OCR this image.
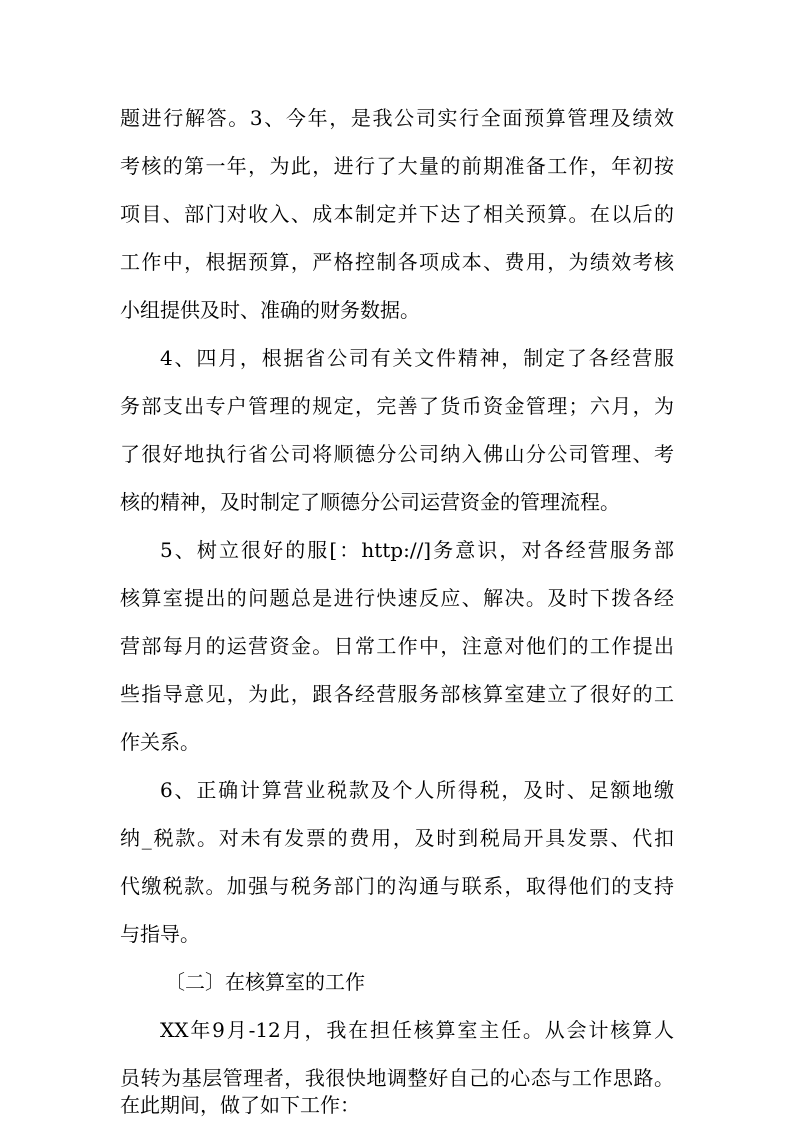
题进行解答。3、今年，是我公司实行全面预算管理及绩效
考核的第一年，为此，进行了大量的前期准备工作，年初按
项目、部门对收入、成本制定并下达了相关预算。在以后的
工作中，根据预算，严格控制各项成本、费用，为绩效考核
小组提供及时、准确的财务数据。
4、四月，根据省公司有关文件精神，制定了各经营服
务部支出专户管理的规定，完善了货币资金管理；六月，为
了很好地执行省公司将顺德分公司纳入佛山分公司管理、考
核的精神，及时制定了顺德分公司运营资金的管理流程。
5、树立很好的服[：http://]务意识，对各经营服务部
核算室提出的问题总是进行快速反应、解决。及时下拨各经
营部每月的运营资金。日常工作中，注意对他们的工作提出
些指导意见，为此，跟各经营服务部核算室建立了很好的工
作关系。
6、正确计算营业税款及个人所得税，及时、足额地缴
纳_税款。对未有发票的费用，及时到税局开具发票、代扣
代缴税款。加强与税务部门的沟通与联系，取得他们的支持
与指导。
〔二〕在核算室的工作
XX年9月-12月，我在担任核算室主任。从会计核算人
员转为基层管理者，我很快地调整好自己的心态与工作思路。
在此期间，做了如下工作：
